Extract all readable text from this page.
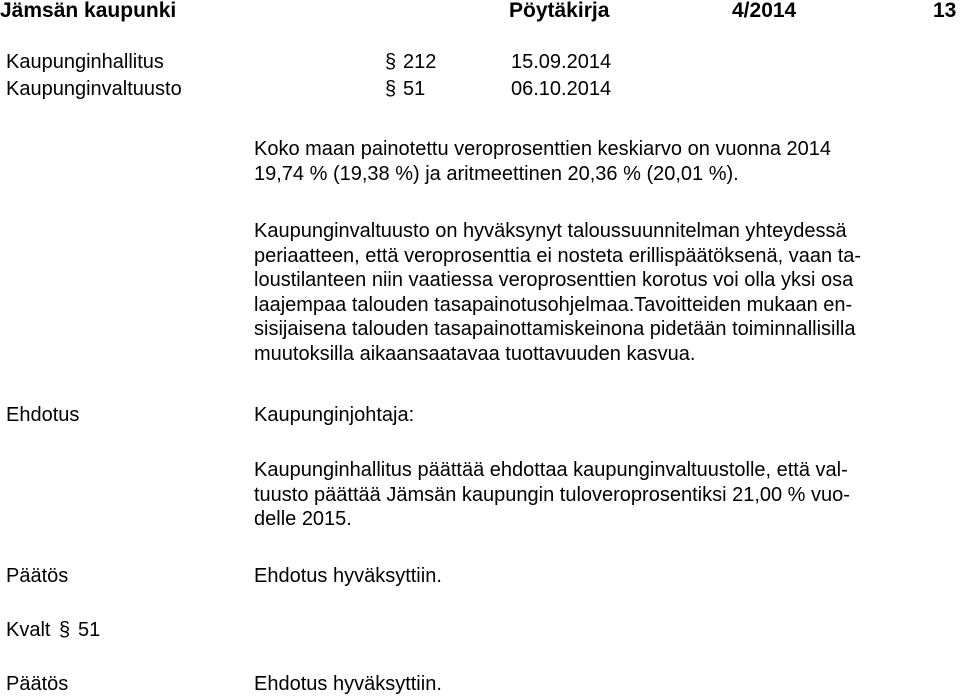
Jämsän kaupunki	Pöytäkirja	4/2014	13
Kaupunginhallitus	§ 212	15.09.2014
Kaupunginvaltuusto	§ 51	06.10.2014
Koko maan painotettu veroprosenttien keskiarvo on vuonna 2014
19,74 % (19,38 %) ja aritmeettinen 20,36 % (20,01 %).
Kaupunginvaltuusto on hyväksynyt taloussuunnitelman yhteydessä
periaatteen, että veroprosenttia ei nosteta erillispäätöksenä, vaan ta-
loustilanteen niin vaatiessa veroprosenttien korotus voi olla yksi osa
laajempaa talouden tasapainotusohjelmaa.Tavoitteiden mukaan en-
sisijaisena talouden tasapainottamiskeinona pidetään toiminnallisilla
muutoksilla aikaansaatavaa tuottavuuden kasvua.
Ehdotus	Kaupunginjohtaja:
Kaupunginhallitus päättää ehdottaa kaupunginvaltuustolle, että val-
tuusto päättää Jämsän kaupungin tuloveroprosentiksi 21,00 % vuo-
delle 2015.
Päätös	Ehdotus hyväksyttiin.
Kvalt § 51
Päätös	Ehdotus hyväksyttiin.
